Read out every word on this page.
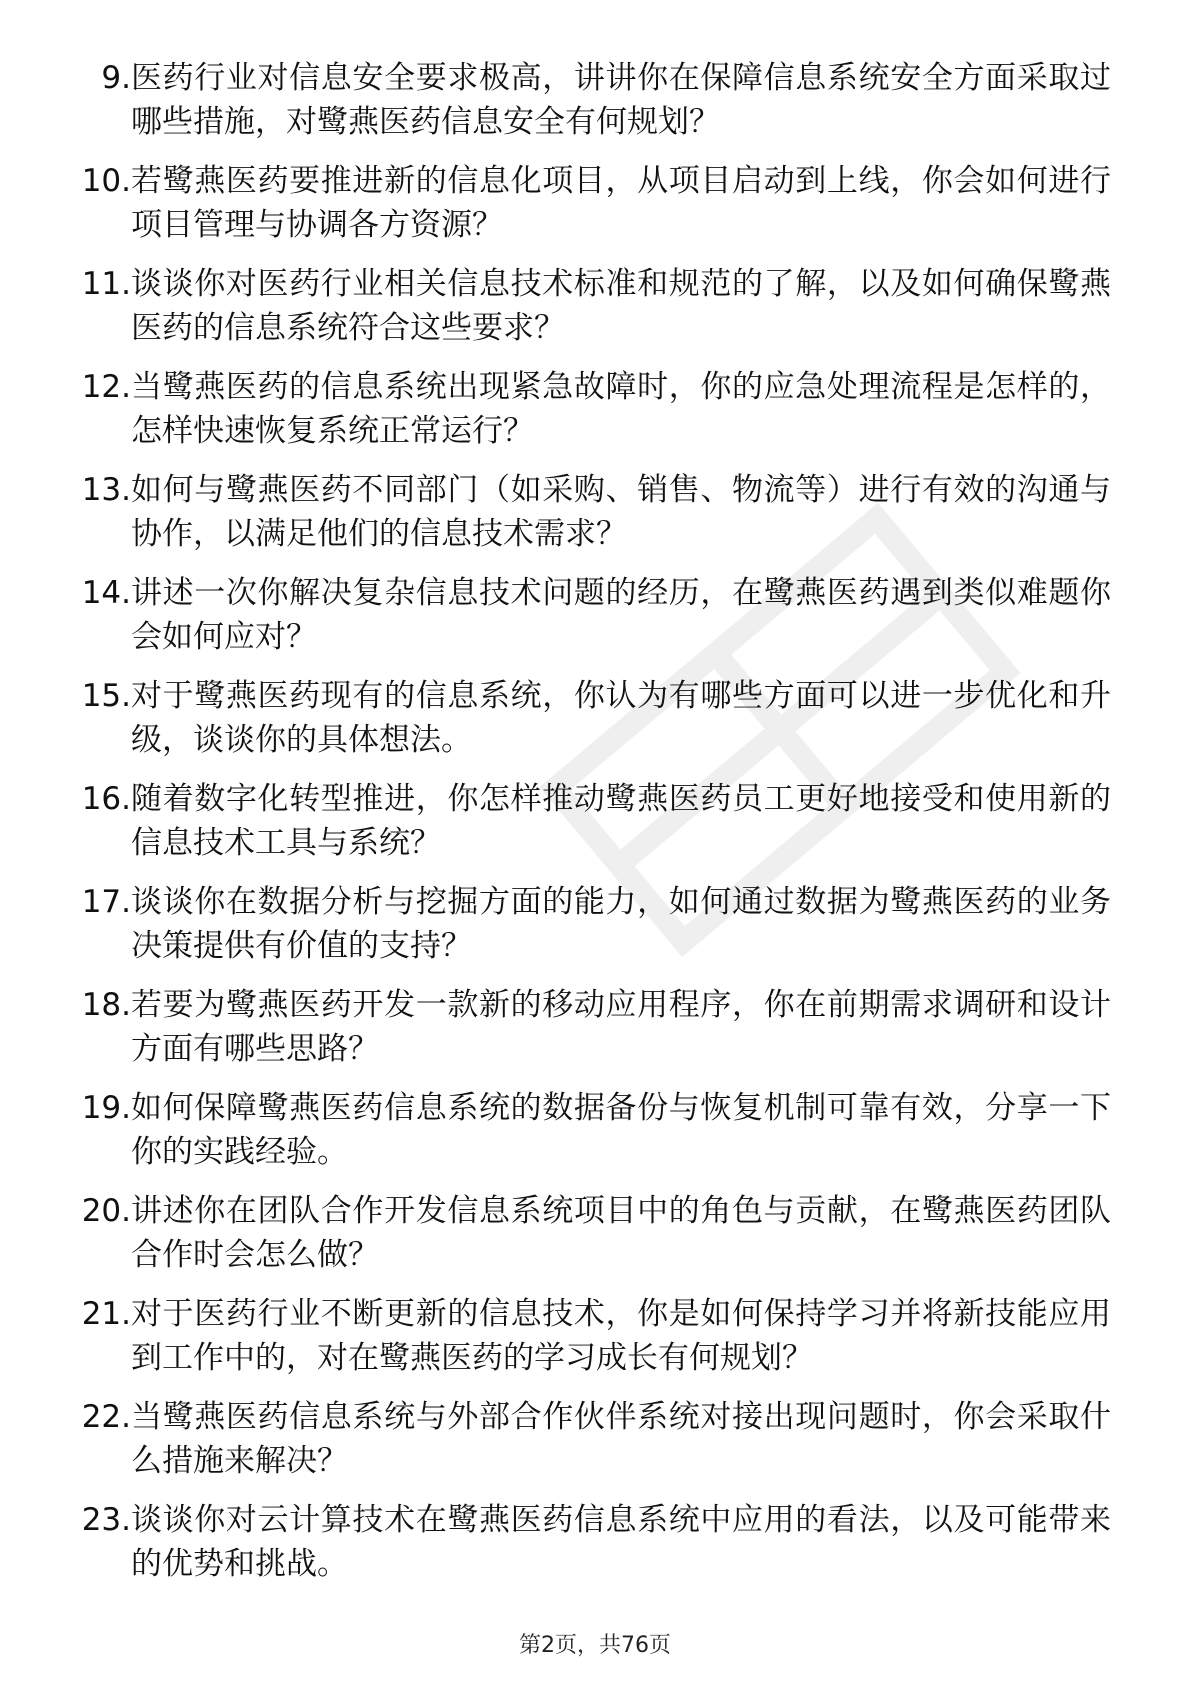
9. 医药行业对信息安全要求极高，讲讲你在保障信息系统安全方面采取过哪些措施，对鹭燕医药信息安全有何规划？
10. 若鹭燕医药要推进新的信息化项目，从项目启动到上线，你会如何进行项目管理与协调各方资源？
11. 谈谈你对医药行业相关信息技术标准和规范的了解，以及如何确保鹭燕医药的信息系统符合这些要求？
12. 当鹭燕医药的信息系统出现紧急故障时，你的应急处理流程是怎样的，怎样快速恢复系统正常运行？
13. 如何与鹭燕医药不同部门（如采购、销售、物流等）进行有效的沟通与协作，以满足他们的信息技术需求？
14. 讲述一次你解决复杂信息技术问题的经历，在鹭燕医药遇到类似难题你会如何应对？
15. 对于鹭燕医药现有的信息系统，你认为有哪些方面可以进一步优化和升级，谈谈你的具体想法。
16. 随着数字化转型推进，你怎样推动鹭燕医药员工更好地接受和使用新的信息技术工具与系统？
17. 谈谈你在数据分析与挖掘方面的能力，如何通过数据为鹭燕医药的业务决策提供有价值的支持？
18. 若要为鹭燕医药开发一款新的移动应用程序，你在前期需求调研和设计方面有哪些思路？
19. 如何保障鹭燕医药信息系统的数据备份与恢复机制可靠有效，分享一下你的实践经验。
20. 讲述你在团队合作开发信息系统项目中的角色与贡献，在鹭燕医药团队合作时会怎么做？
21. 对于医药行业不断更新的信息技术，你是如何保持学习并将新技能应用到工作中的，对在鹭燕医药的学习成长有何规划？
22. 当鹭燕医药信息系统与外部合作伙伴系统对接出现问题时，你会采取什么措施来解决？
23. 谈谈你对云计算技术在鹭燕医药信息系统中应用的看法，以及可能带来的优势和挑战。
第2页，共76页
